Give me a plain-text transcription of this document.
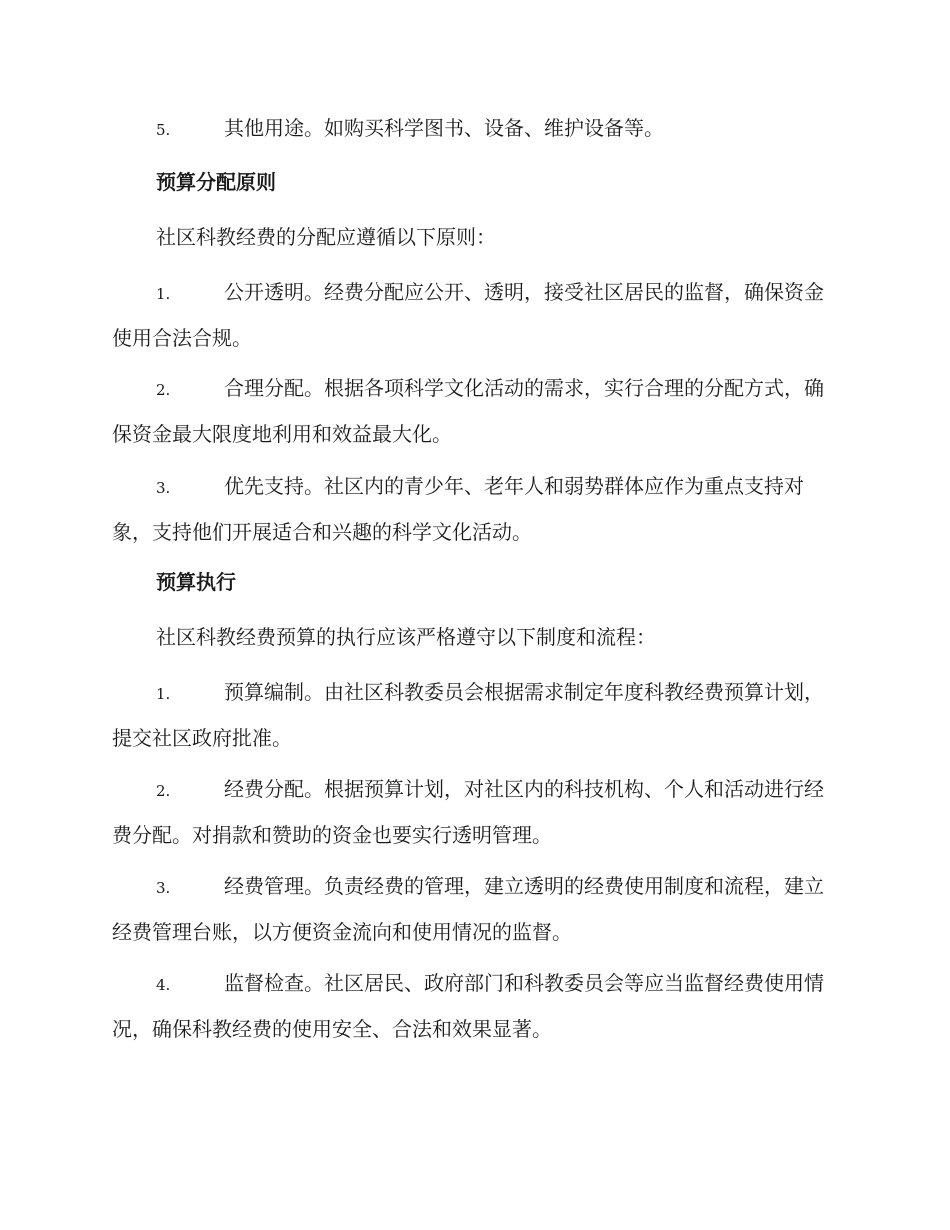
5.	其他用途。如购买科学图书、设备、维护设备等。
预算分配原则
社区科教经费的分配应遵循以下原则：
1.	公开透明。经费分配应公开、透明，接受社区居民的监督，确保资金使用合法合规。
2.	合理分配。根据各项科学文化活动的需求，实行合理的分配方式，确保资金最大限度地利用和效益最大化。
3.	优先支持。社区内的青少年、老年人和弱势群体应作为重点支持对象，支持他们开展适合和兴趣的科学文化活动。
预算执行
社区科教经费预算的执行应该严格遵守以下制度和流程：
1.	预算编制。由社区科教委员会根据需求制定年度科教经费预算计划，提交社区政府批准。
2.	经费分配。根据预算计划，对社区内的科技机构、个人和活动进行经费分配。对捐款和赞助的资金也要实行透明管理。
3.	经费管理。负责经费的管理，建立透明的经费使用制度和流程，建立经费管理台账，以方便资金流向和使用情况的监督。
4.	监督检查。社区居民、政府部门和科教委员会等应当监督经费使用情况，确保科教经费的使用安全、合法和效果显著。
